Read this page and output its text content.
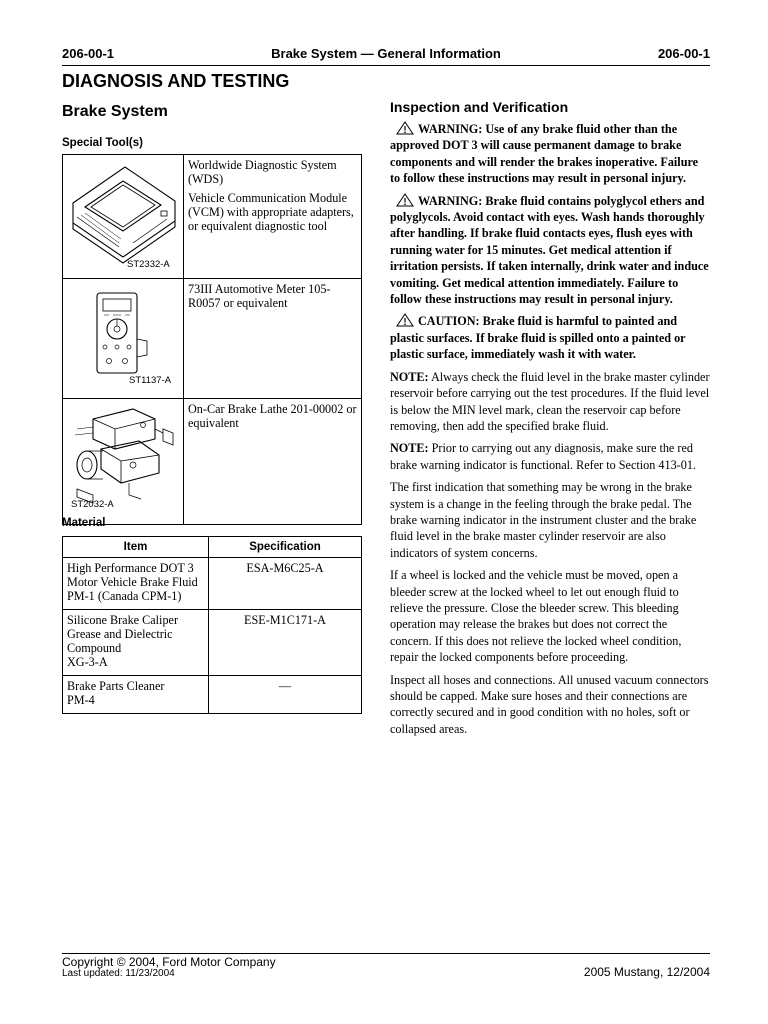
206-00-1	Brake System — General Information	206-00-1
DIAGNOSIS AND TESTING
Brake System
Special Tool(s)
ST2332-A	Worldwide Diagnostic System (WDS)

Vehicle Communication Module (VCM) with appropriate adapters, or equivalent diagnostic tool

ST1137-A	73III Automotive Meter 105-R0057 or equivalent

ST2032-A	On-Car Brake Lathe 201-00002 or equivalent

Material
Item	Specification

High Performance DOT 3
Motor Vehicle Brake Fluid
PM-1 (Canada CPM-1)	ESA-M6C25-A

Silicone Brake Caliper
Grease and Dielectric
Compound
XG-3-A	ESE-M1C171-A

Brake Parts Cleaner
PM-4	—
Inspection and Verification

WARNING: Use of any brake fluid other than the approved DOT 3 will cause permanent damage to brake components and will render the brakes inoperative. Failure to follow these instructions may result in personal injury.

WARNING: Brake fluid contains polyglycol ethers and polyglycols. Avoid contact with eyes. Wash hands thoroughly after handling. If brake fluid contacts eyes, flush eyes with running water for 15 minutes. Get medical attention if irritation persists. If taken internally, drink water and induce vomiting. Get medical attention immediately. Failure to follow these instructions may result in personal injury.

CAUTION: Brake fluid is harmful to painted and plastic surfaces. If brake fluid is spilled onto a painted or plastic surface, immediately wash it with water.

NOTE: Always check the fluid level in the brake master cylinder reservoir before carrying out the test procedures. If the fluid level is below the MIN level mark, clean the reservoir cap before removing, then add the specified brake fluid.

NOTE: Prior to carrying out any diagnosis, make sure the red brake warning indicator is functional. Refer to Section 413-01.

The first indication that something may be wrong in the brake system is a change in the feeling through the brake pedal. The brake warning indicator in the instrument cluster and the brake fluid level in the brake master cylinder reservoir are also indicators of system concerns.

If a wheel is locked and the vehicle must be moved, open a bleeder screw at the locked wheel to let out enough fluid to relieve the pressure. Close the bleeder screw. This bleeding operation may release the brakes but does not correct the concern. If this does not relieve the locked wheel condition, repair the locked components before proceeding.

Inspect all hoses and connections. All unused vacuum connectors should be capped. Make sure hoses and their connections are correctly secured and in good condition with no holes, soft or collapsed areas.

Copyright © 2004, Ford Motor Company
Last updated: 11/23/2004	2005 Mustang, 12/2004
